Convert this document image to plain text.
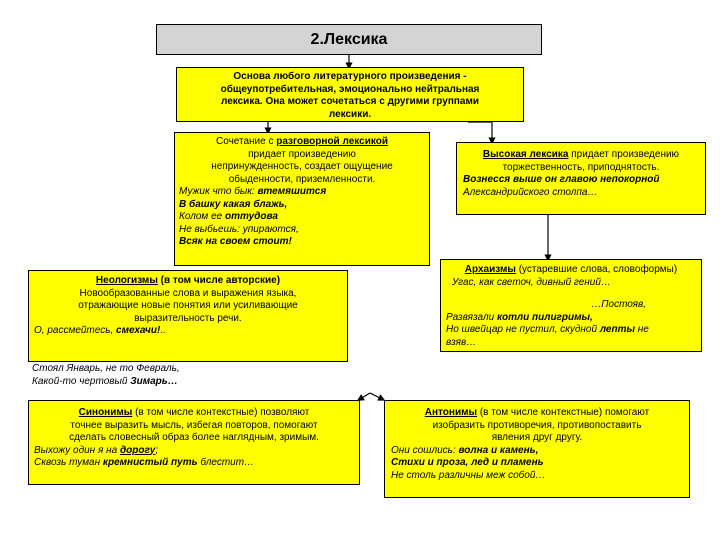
2.Лексика
Основа любого литературного произведения -
общеупотребительная, эмоционально нейтральная
лексика. Она может сочетаться с другими группами
лексики.
Сочетание с разговорной лексикой
придает произведению
непринужденность, создает ощущение
обыденности, приземленности.
Мужик что бык: втемяшится
В башку какая блажь,
Колом ее оттудова
Не выбьешь: упираются,
Всяк на своем стоит!
Высокая лексика придает произведению
торжественность, приподнятость.
Вознесся выше он главою непокорной
Александрийского столпа…
Архаизмы (устаревшие слова, словоформы)
Угас, как светоч, дивный гений…
…Постояв,
Развязали котли пилигримы,
Но швейцар не пустил, скудной лепты не
взяв…
Неологизмы (в том числе авторские)
Новообразованные слова и выражения языка,
отражающие новые понятия или усиливающие
выразительность речи.
О, рассмейтесь, смехачи!..
Стоял Январь, не то Февраль,
Какой-то чертовый Зимарь…
Синонимы (в том числе контекстные) позволяют
точнее выразить мысль, избегая повторов, помогают
сделать словесный образ более наглядным, зримым.
Выхожу один я на дорогу;
Сквозь туман кремнистый путь блестит…
Антонимы (в том числе контекстные) помогают
изобразить противоречия, противопоставить
явления друг другу.
Они сошлись: волна и камень,
Стихи и проза, лед и пламень
Не столь различны меж собой…
